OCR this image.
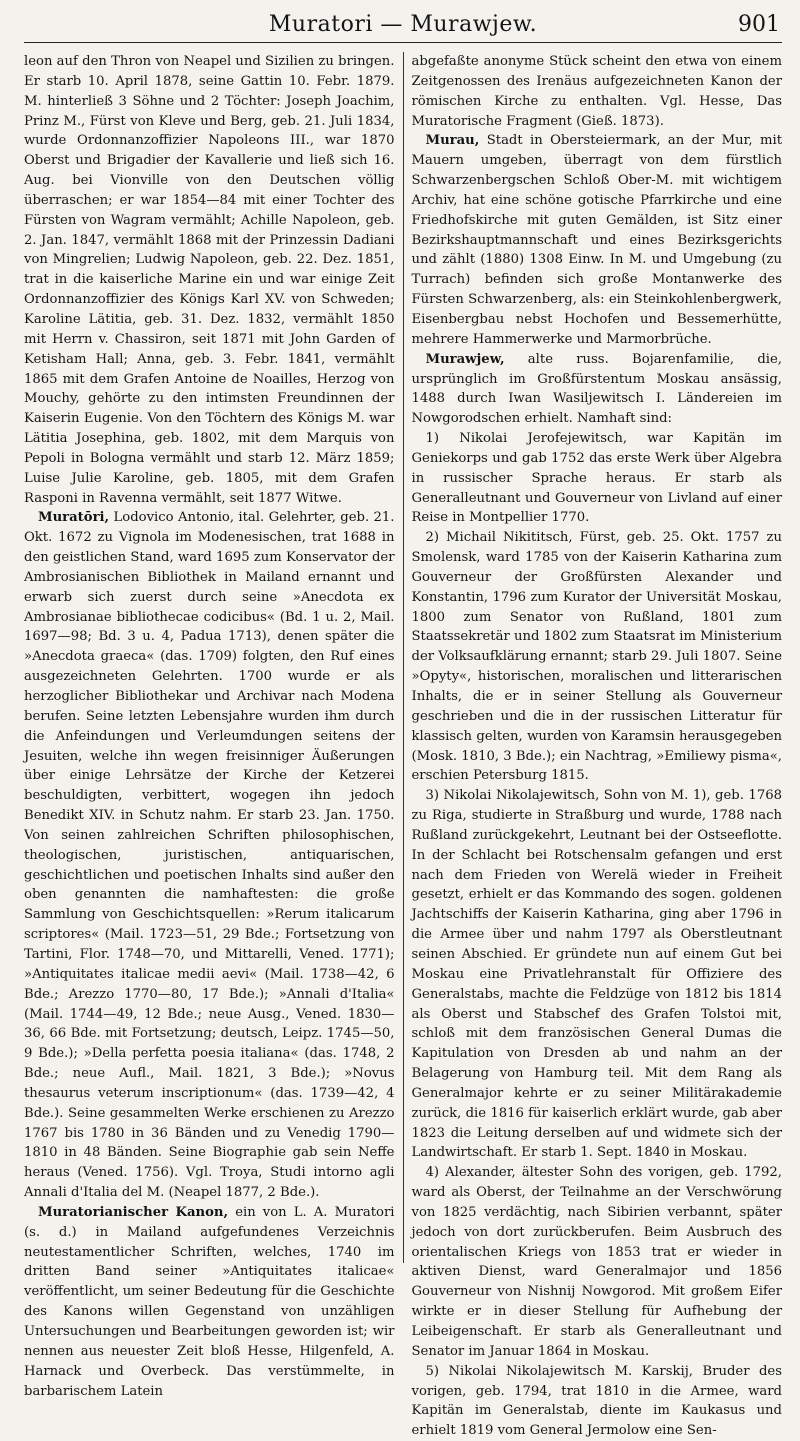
Muratori — Murawjew.	901

leon auf den Thron von Neapel und Sizilien zu bringen. Er starb 10. April 1878, seine Gattin 10. Febr. 1879. M. hinterließ 3 Söhne und 2 Töchter: Joseph Joachim, Prinz M., Fürst von Kleve und Berg, geb. 21. Juli 1834, wurde Ordonnanzoffizier Napoleons III., war 1870 Oberst und Brigadier der Kavallerie und ließ sich 16. Aug. bei Vionville von den Deutschen völlig überraschen; er war 1854—84 mit einer Tochter des Fürsten von Wagram vermählt; Achille Napoleon, geb. 2. Jan. 1847, vermählt 1868 mit der Prinzessin Dadiani von Mingrelien; Ludwig Napoleon, geb. 22. Dez. 1851, trat in die kaiserliche Marine ein und war einige Zeit Ordonnanzoffizier des Königs Karl XV. von Schweden; Karoline Lätitia, geb. 31. Dez. 1832, vermählt 1850 mit Herrn v. Chassiron, seit 1871 mit John Garden of Ketisham Hall; Anna, geb. 3. Febr. 1841, vermählt 1865 mit dem Grafen Antoine de Noailles, Herzog von Mouchy, gehörte zu den intimsten Freundinnen der Kaiserin Eugenie. Von den Töchtern des Königs M. war Lätitia Josephina, geb. 1802, mit dem Marquis von Pepoli in Bologna vermählt und starb 12. März 1859; Luise Julie Karoline, geb. 1805, mit dem Grafen Rasponi in Ravenna vermählt, seit 1877 Witwe.

Muratōri, Lodovico Antonio, ital. Gelehrter, geb. 21. Okt. 1672 zu Vignola im Modenesischen, trat 1688 in den geistlichen Stand, ward 1695 zum Konservator der Ambrosianischen Bibliothek in Mailand ernannt und erwarb sich zuerst durch seine »Anecdota ex Ambrosianae bibliothecae codicibus« (Bd. 1 u. 2, Mail. 1697—98; Bd. 3 u. 4, Padua 1713), denen später die »Anecdota graeca« (das. 1709) folgten, den Ruf eines ausgezeichneten Gelehrten. 1700 wurde er als herzoglicher Bibliothekar und Archivar nach Modena berufen. Seine letzten Lebensjahre wurden ihm durch die Anfeindungen und Verleumdungen seitens der Jesuiten, welche ihn wegen freisinniger Äußerungen über einige Lehrsätze der Kirche der Ketzerei beschuldigten, verbittert, wogegen ihn jedoch Benedikt XIV. in Schutz nahm. Er starb 23. Jan. 1750. Von seinen zahlreichen Schriften philosophischen, theologischen, juristischen, antiquarischen, geschichtlichen und poetischen Inhalts sind außer den oben genannten die namhaftesten: die große Sammlung von Geschichtsquellen: »Rerum italicarum scriptores« (Mail. 1723—51, 29 Bde.; Fortsetzung von Tartini, Flor. 1748—70, und Mittarelli, Vened. 1771); »Antiquitates italicae medii aevi« (Mail. 1738—42, 6 Bde.; Arezzo 1770—80, 17 Bde.); »Annali d'Italia« (Mail. 1744—49, 12 Bde.; neue Ausg., Vened. 1830—36, 66 Bde. mit Fortsetzung; deutsch, Leipz. 1745—50, 9 Bde.); »Della perfetta poesia italiana« (das. 1748, 2 Bde.; neue Aufl., Mail. 1821, 3 Bde.); »Novus thesaurus veterum inscriptionum« (das. 1739—42, 4 Bde.). Seine gesammelten Werke erschienen zu Arezzo 1767 bis 1780 in 36 Bänden und zu Venedig 1790—1810 in 48 Bänden. Seine Biographie gab sein Neffe heraus (Vened. 1756). Vgl. Troya, Studi intorno agli Annali d'Italia del M. (Neapel 1877, 2 Bde.).

Muratorianischer Kanon, ein von L. A. Muratori (s. d.) in Mailand aufgefundenes Verzeichnis neutestamentlicher Schriften, welches, 1740 im dritten Band seiner »Antiquitates italicae« veröffentlicht, um seiner Bedeutung für die Geschichte des Kanons willen Gegenstand von unzähligen Untersuchungen und Bearbeitungen geworden ist; wir nennen aus neuester Zeit bloß Hesse, Hilgenfeld, A. Harnack und Overbeck. Das verstümmelte, in barbarischem Latein

abgefaßte anonyme Stück scheint den etwa von einem Zeitgenossen des Irenäus aufgezeichneten Kanon der römischen Kirche zu enthalten. Vgl. Hesse, Das Muratorische Fragment (Gieß. 1873).

Murau, Stadt in Obersteiermark, an der Mur, mit Mauern umgeben, überragt von dem fürstlich Schwarzenbergschen Schloß Ober-M. mit wichtigem Archiv, hat eine schöne gotische Pfarrkirche und eine Friedhofskirche mit guten Gemälden, ist Sitz einer Bezirkshauptmannschaft und eines Bezirksgerichts und zählt (1880) 1308 Einw. In M. und Umgebung (zu Turrach) befinden sich große Montanwerke des Fürsten Schwarzenberg, als: ein Steinkohlenbergwerk, Eisenbergbau nebst Hochofen und Bessemerhütte, mehrere Hammerwerke und Marmorbrüche.

Murawjew, alte russ. Bojarenfamilie, die, ursprünglich im Großfürstentum Moskau ansässig, 1488 durch Iwan Wasiljewitsch I. Ländereien im Nowgorodschen erhielt. Namhaft sind:

1) Nikolai Jerofejewitsch, war Kapitän im Geniekorps und gab 1752 das erste Werk über Algebra in russischer Sprache heraus. Er starb als Generalleutnant und Gouverneur von Livland auf einer Reise in Montpellier 1770.

2) Michail Nikititsch, Fürst, geb. 25. Okt. 1757 zu Smolensk, ward 1785 von der Kaiserin Katharina zum Gouverneur der Großfürsten Alexander und Konstantin, 1796 zum Kurator der Universität Moskau, 1800 zum Senator von Rußland, 1801 zum Staatssekretär und 1802 zum Staatsrat im Ministerium der Volksaufklärung ernannt; starb 29. Juli 1807. Seine »Opyty«, historischen, moralischen und litterarischen Inhalts, die er in seiner Stellung als Gouverneur geschrieben und die in der russischen Litteratur für klassisch gelten, wurden von Karamsin herausgegeben (Mosk. 1810, 3 Bde.); ein Nachtrag, »Emiliewy pisma«, erschien Petersburg 1815.

3) Nikolai Nikolajewitsch, Sohn von M. 1), geb. 1768 zu Riga, studierte in Straßburg und wurde, 1788 nach Rußland zurückgekehrt, Leutnant bei der Ostseeflotte. In der Schlacht bei Rotschensalm gefangen und erst nach dem Frieden von Werelä wieder in Freiheit gesetzt, erhielt er das Kommando des sogen. goldenen Jachtschiffs der Kaiserin Katharina, ging aber 1796 in die Armee über und nahm 1797 als Oberstleutnant seinen Abschied. Er gründete nun auf einem Gut bei Moskau eine Privatlehranstalt für Offiziere des Generalstabs, machte die Feldzüge von 1812 bis 1814 als Oberst und Stabschef des Grafen Tolstoi mit, schloß mit dem französischen General Dumas die Kapitulation von Dresden ab und nahm an der Belagerung von Hamburg teil. Mit dem Rang als Generalmajor kehrte er zu seiner Militärakademie zurück, die 1816 für kaiserlich erklärt wurde, gab aber 1823 die Leitung derselben auf und widmete sich der Landwirtschaft. Er starb 1. Sept. 1840 in Moskau.

4) Alexander, ältester Sohn des vorigen, geb. 1792, ward als Oberst, der Teilnahme an der Verschwörung von 1825 verdächtig, nach Sibirien verbannt, später jedoch von dort zurückberufen. Beim Ausbruch des orientalischen Kriegs von 1853 trat er wieder in aktiven Dienst, ward Generalmajor und 1856 Gouverneur von Nishnij Nowgorod. Mit großem Eifer wirkte er in dieser Stellung für Aufhebung der Leibeigenschaft. Er starb als Generalleutnant und Senator im Januar 1864 in Moskau.

5) Nikolai Nikolajewitsch M. Karskij, Bruder des vorigen, geb. 1794, trat 1810 in die Armee, ward Kapitän im Generalstab, diente im Kaukasus und erhielt 1819 vom General Jermolow eine Sen-
